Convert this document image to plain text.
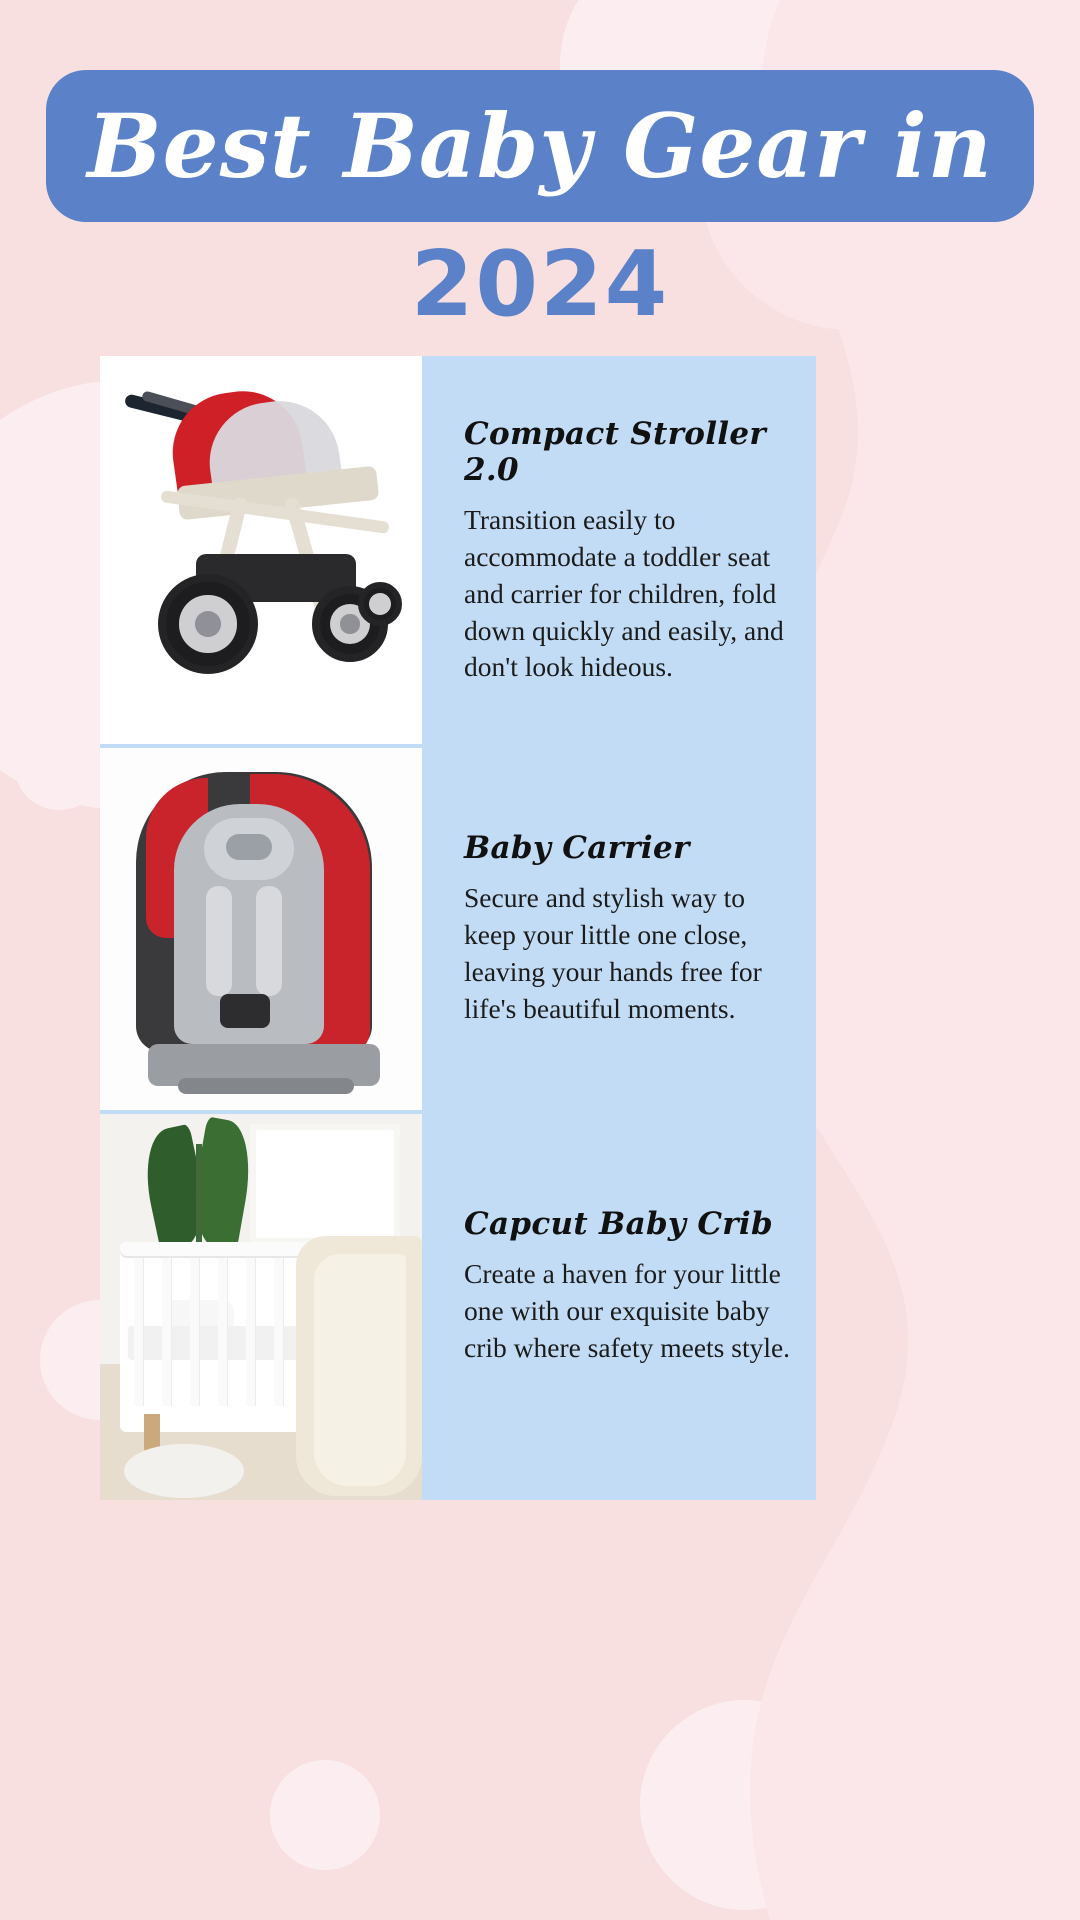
Best Baby Gear in
2024
Compact Stroller 2.0
Transition easily to accommodate a toddler seat and carrier for children, fold down quickly and easily, and don't look hideous.
Baby Carrier
Secure and stylish way to keep your little one close, leaving your hands free for life's beautiful moments.
Capcut Baby Crib
Create a haven for your little one with our exquisite baby crib where safety meets style.
